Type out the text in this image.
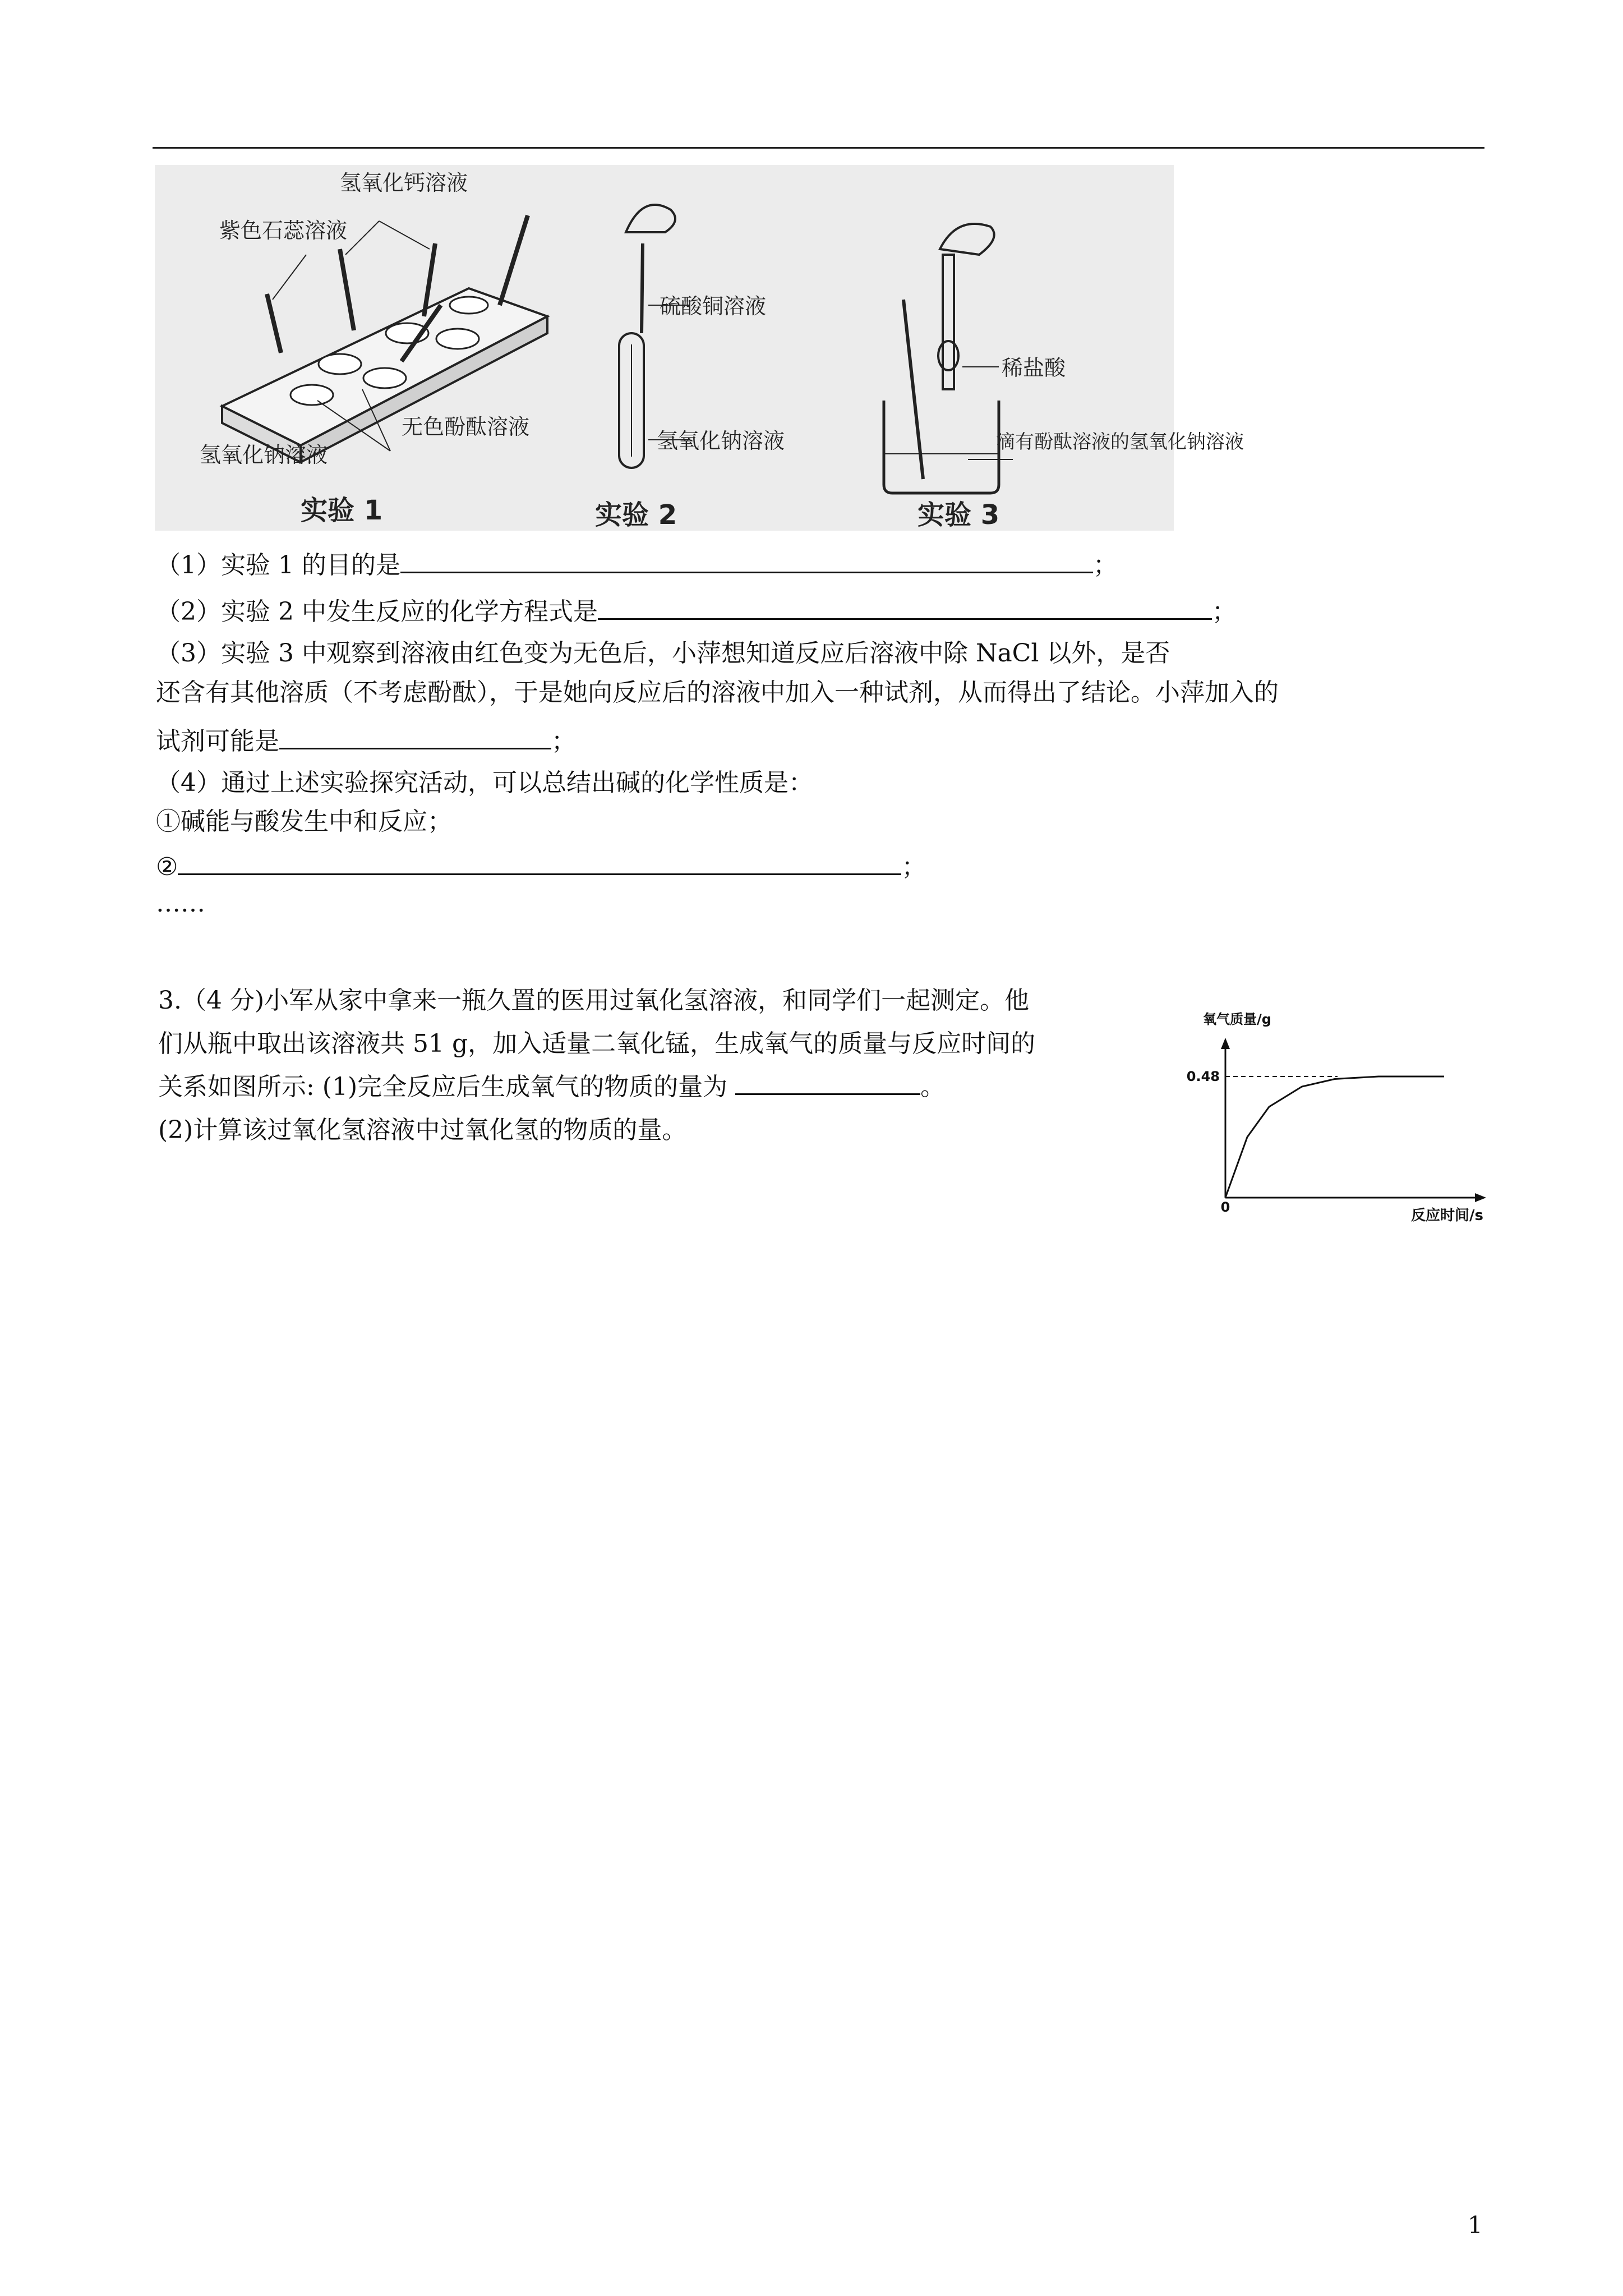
氢氧化钙溶液
紫色石蕊溶液
无色酚酞溶液
氢氧化钠溶液
硫酸铜溶液
氢氧化钠溶液
稀盐酸
滴有酚酞溶液的氢氧化钠溶液
实验 1	实验 2	实验 3
（1）实验 1 的目的是	；
（2）实验 2 中发生反应的化学方程式是	；
（3）实验 3 中观察到溶液由红色变为无色后，小萍想知道反应后溶液中除 NaCl 以外，是否
还含有其他溶质（不考虑酚酞），于是她向反应后的溶液中加入一种试剂，从而得出了结论。小萍加入的
试剂可能是	；
（4）通过上述实验探究活动，可以总结出碱的化学性质是：
①碱能与酸发生中和反应；
②	；
……
3.（4 分)小军从家中拿来一瓶久置的医用过氧化氢溶液，和同学们一起测定。他
们从瓶中取出该溶液共 51 g，加入适量二氧化锰，生成氧气的质量与反应时间的
关系如图所示: (1)完全反应后生成氧气的物质的量为	。
(2)计算该过氧化氢溶液中过氧化氢的物质的量。
氧气质量/g
0.48
0	反应时间/s
1
